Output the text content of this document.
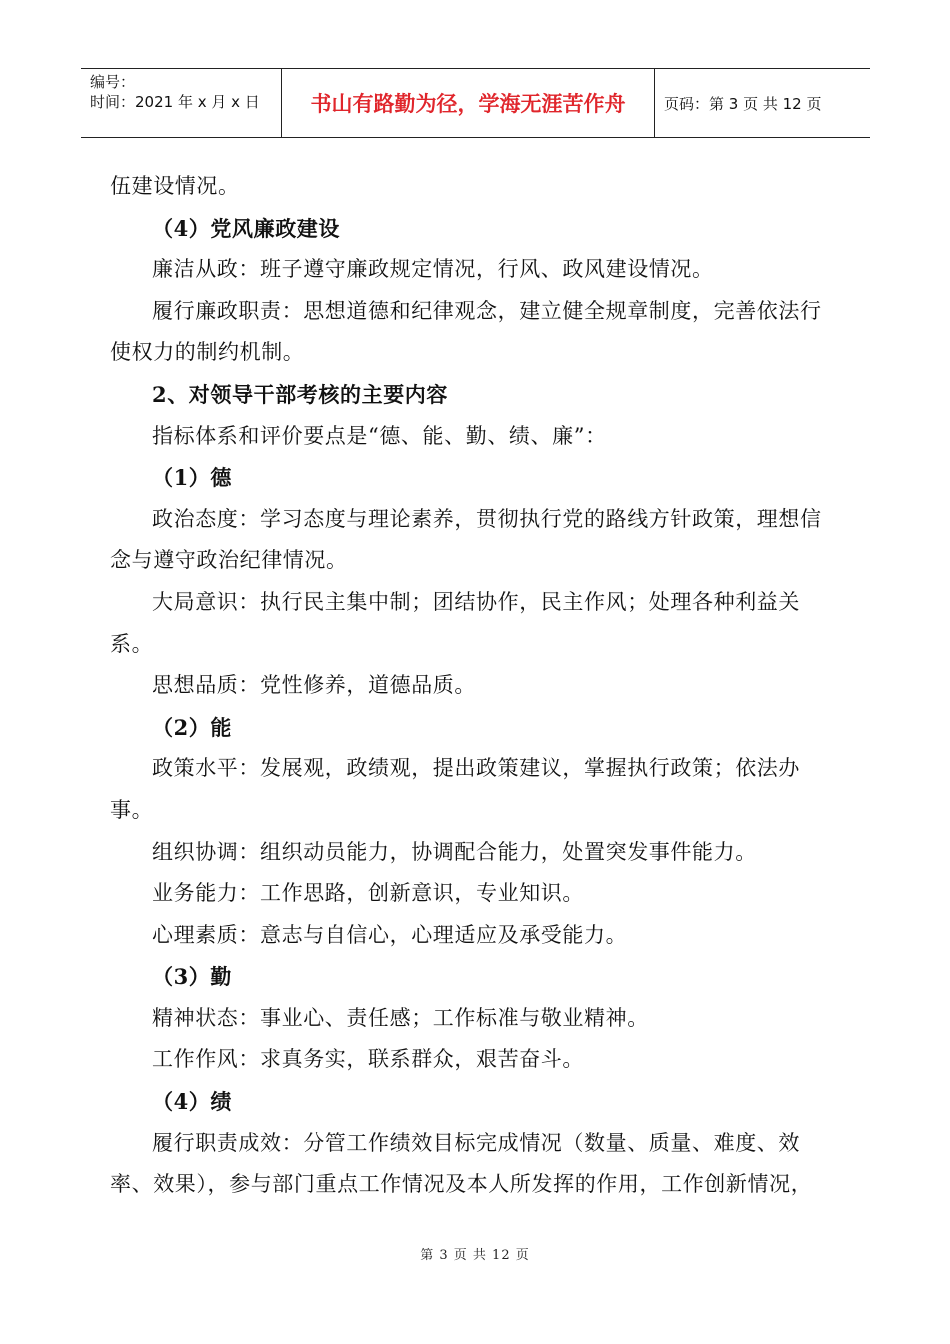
编号：
时间：2021 年 x 月 x 日	书山有路勤为径，学海无涯苦作舟	页码：第 3 页 共 12 页

伍建设情况。

（4）党风廉政建设

廉洁从政：班子遵守廉政规定情况，行风、政风建设情况。

履行廉政职责：思想道德和纪律观念，建立健全规章制度，完善依法行使权力的制约机制。

2、对领导干部考核的主要内容

指标体系和评价要点是“德、能、勤、绩、廉”：

（1）德

政治态度：学习态度与理论素养，贯彻执行党的路线方针政策，理想信念与遵守政治纪律情况。

大局意识：执行民主集中制；团结协作，民主作风；处理各种利益关系。

思想品质：党性修养，道德品质。

（2）能

政策水平：发展观，政绩观，提出政策建议，掌握执行政策；依法办事。

组织协调：组织动员能力，协调配合能力，处置突发事件能力。

业务能力：工作思路，创新意识，专业知识。

心理素质：意志与自信心，心理适应及承受能力。

（3）勤

精神状态：事业心、责任感；工作标准与敬业精神。

工作作风：求真务实，联系群众，艰苦奋斗。

（4）绩

履行职责成效：分管工作绩效目标完成情况（数量、质量、难度、效率、效果），参与部门重点工作情况及本人所发挥的作用，工作创新情况，

第 3 页 共 12 页
